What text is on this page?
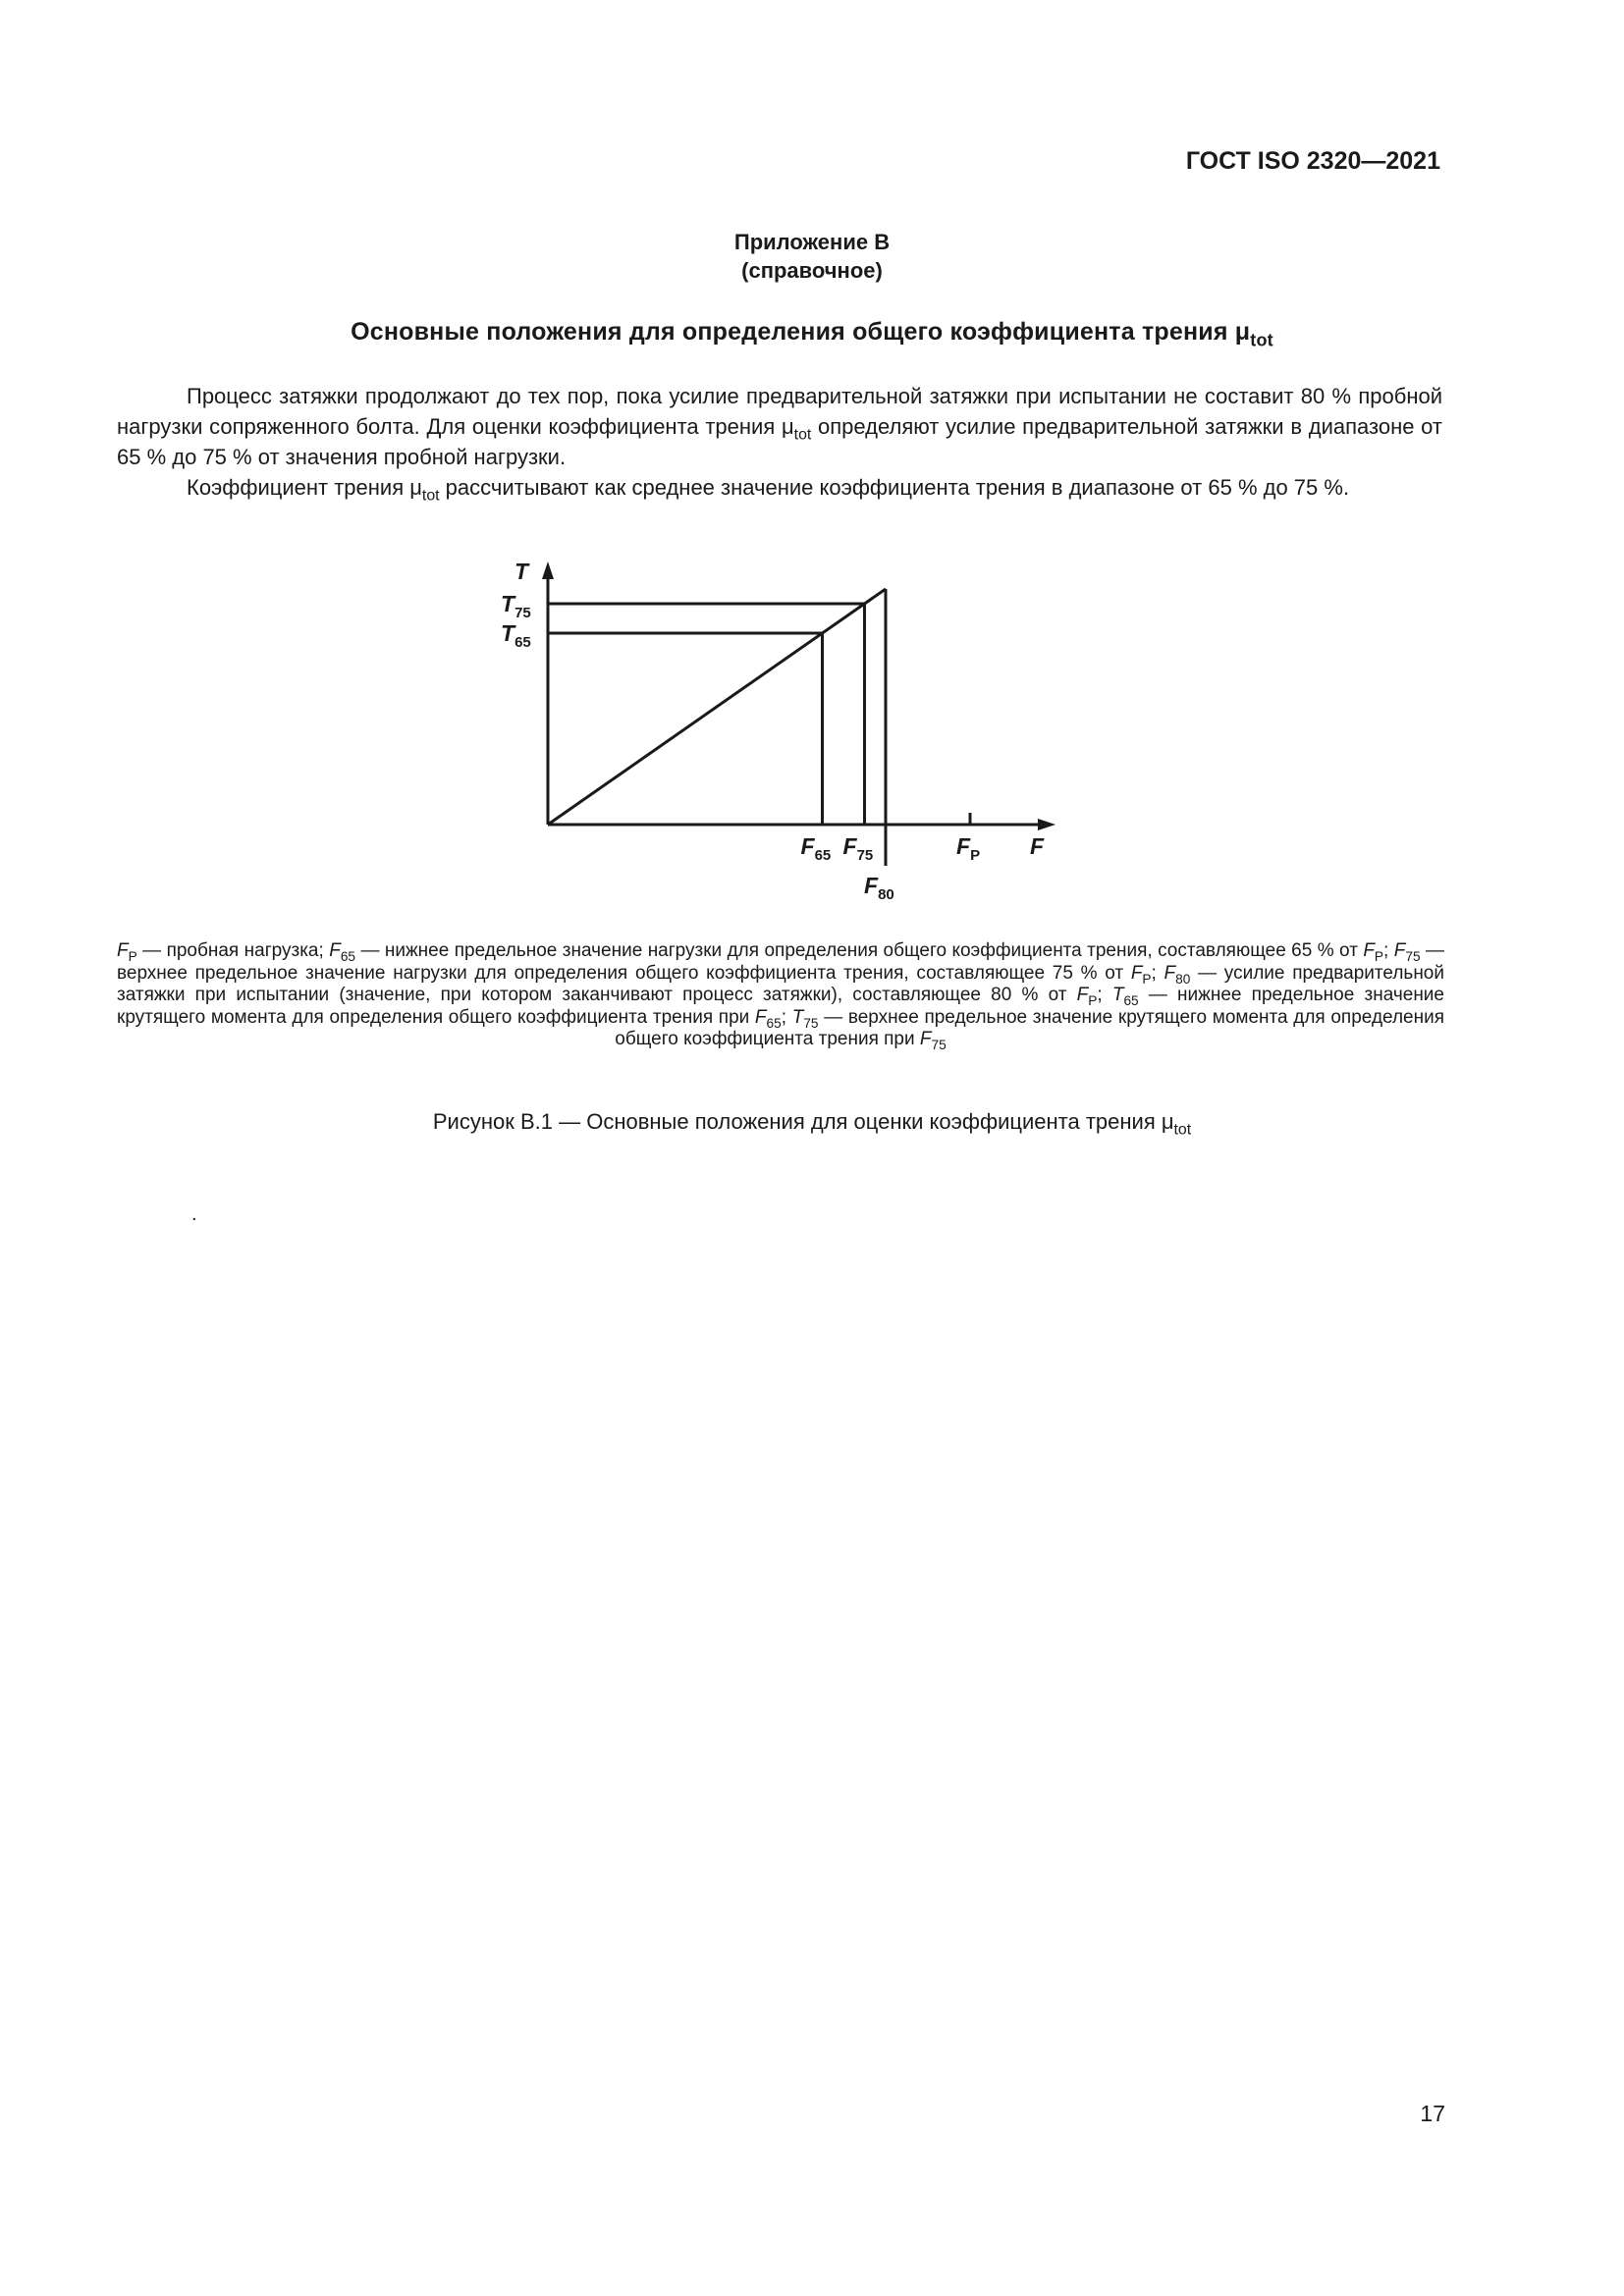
ГОСТ ISO 2320—2021
Приложение B
(справочное)
Основные положения для определения общего коэффициента трения $\mu_{tot}$

Процесс затяжки продолжают до тех пор, пока усилие предварительной затяжки при испытании не составит 80 % пробной нагрузки сопряженного болта. Для оценки коэффициента трения $\mu_{tot}$ определяют усилие предварительной затяжки в диапазоне от 65 % до 75 % от значения пробной нагрузки.

Коэффициент трения $\mu_{tot}$ рассчитывают как среднее значение коэффициента трения в диапазоне от 65 % до 75 %.

$T_{75}$
$T_{65}$
$F_{65}$ $F_{75}$
$F_{80}$
$F_P$
T
F
$F_P$ — пробная нагрузка; $F_{65}$ — нижнее предельное значение нагрузки для определения общего коэффициента трения, составляющее 65 % от $F_P$; $F_{75}$ — верхнее предельное значение нагрузки для определения общего коэффициента трения, составляющее 75 % от $F_P$; $F_{80}$ — усилие предварительной затяжки при испытании (значение, при котором заканчивают процесс затяжки), составляющее 80 % от $F_P$; $T_{65}$ — нижнее предельное значение крутящего момента для определения общего коэффициента трения при $F_{65}$; $T_{75}$ — верхнее предельное значение крутящего момента для определения общего коэффициента трения при $F_{75}$
Рисунок B.1 — Основные положения для оценки коэффициента трения $\mu_{tot}$
.
17
